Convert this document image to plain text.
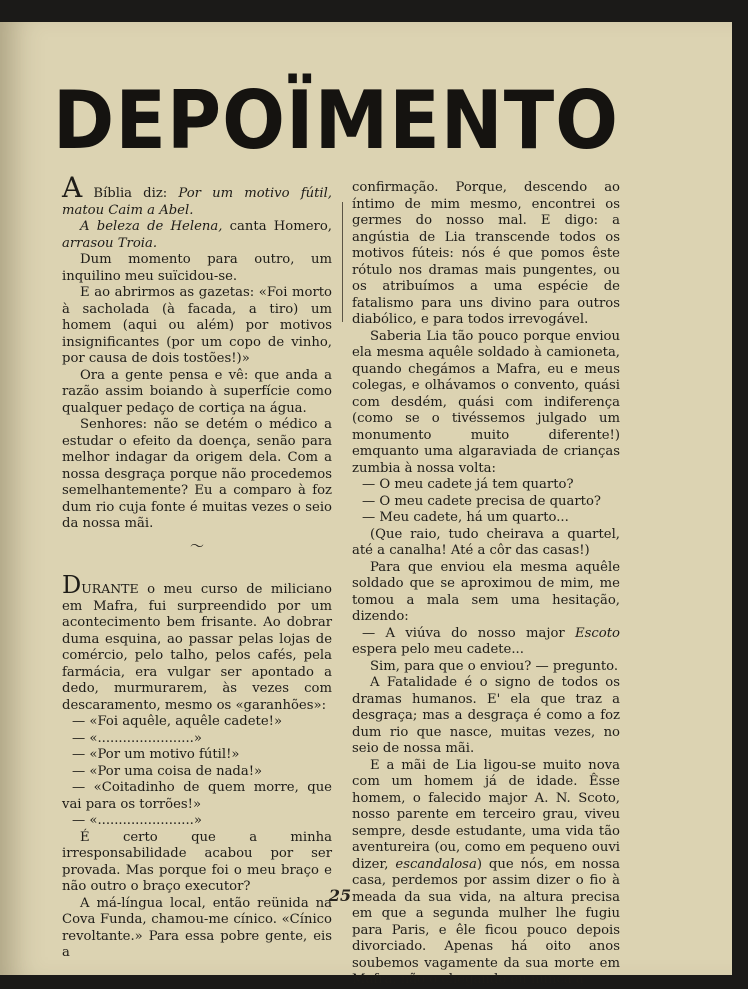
DEPOÏMENTO

A Bíblia diz: Por um motivo fútil, matou Caim a Abel.

A beleza de Helena, canta Homero, arrasou Troia.

Dum momento para outro, um inquilino meu suïcidou-se.

E ao abrirmos as gazetas: «Foi morto à sacholada (à facada, a tiro) um homem (aqui ou além) por motivos insignificantes (por um copo de vinho, por causa de dois tostões!)»

Ora a gente pensa e vê: que anda a razão assim boiando à superfície como qualquer pedaço de cortiça na água.

Senhores: não se detém o médico a estudar o efeito da doença, senão para melhor indagar da origem dela. Com a nossa desgraça porque não procedemos semelhantemente? Eu a comparo à foz dum rio cuja fonte é muitas vezes o seio da nossa mãi.

〜

DURANTE o meu curso de miliciano em Mafra, fui surpreendido por um acontecimento bem frisante. Ao dobrar duma esquina, ao passar pelas lojas de comércio, pelo talho, pelos cafés, pela farmácia, era vulgar ser apontado a dedo, murmurarem, às vezes com descaramento, mesmo os «garanhões»:

— «Foi aquêle, aquêle cadete!»

— «.......................»

— «Por um motivo fútil!»

— «Por uma coisa de nada!»

— «Coitadinho de quem morre, que vai para os torrões!»

— «.......................»

É certo que a minha irresponsabilidade acabou por ser provada. Mas porque foi o meu braço e não outro o braço executor?

A má-língua local, então reünida na Cova Funda, chamou-me cínico. «Cínico revoltante.» Para essa pobre gente, eis a

confirmação. Porque, descendo ao íntimo de mim mesmo, encontrei os germes do nosso mal. E digo: a angústia de Lia transcende todos os motivos fúteis: nós é que pomos êste rótulo nos dramas mais pungentes, ou os atribuímos a uma espécie de fatalismo para uns divino para outros diabólico, e para todos irrevogável.

Saberia Lia tão pouco porque enviou ela mesma aquêle soldado à camioneta, quando chegámos a Mafra, eu e meus colegas, e olhávamos o convento, quási com desdém, quási com indiferença (como se o tivéssemos julgado um monumento muito diferente!) emquanto uma algaraviada de crianças zumbia à nossa volta:

— O meu cadete já tem quarto?

— O meu cadete precisa de quarto?

— Meu cadete, há um quarto...

(Que raio, tudo cheirava a quartel, até a canalha! Até a côr das casas!)

Para que enviou ela mesma aquêle soldado que se aproximou de mim, me tomou a mala sem uma hesitação, dizendo:

— A viúva do nosso major Escoto espera pelo meu cadete...

Sim, para que o enviou? — pregunto.

A Fatalidade é o signo de todos os dramas humanos. E' ela que traz a desgraça; mas a desgraça é como a foz dum rio que nasce, muitas vezes, no seio de nossa mãi.

E a mãi de Lia ligou-se muito nova com um homem já de idade. Êsse homem, o falecido major A. N. Scoto, nosso parente em terceiro grau, viveu sempre, desde estudante, uma vida tão aventureira (ou, como em pequeno ouvi dizer, escandalosa) que nós, em nossa casa, perdemos por assim dizer o fio à meada da sua vida, na altura precisa em que a segunda mulher lhe fugiu para Paris, e êle ficou pouco depois divorciado. Apenas há oito anos soubemos vagamente da sua morte em Mafra, não o chegando eu nunca a

25
